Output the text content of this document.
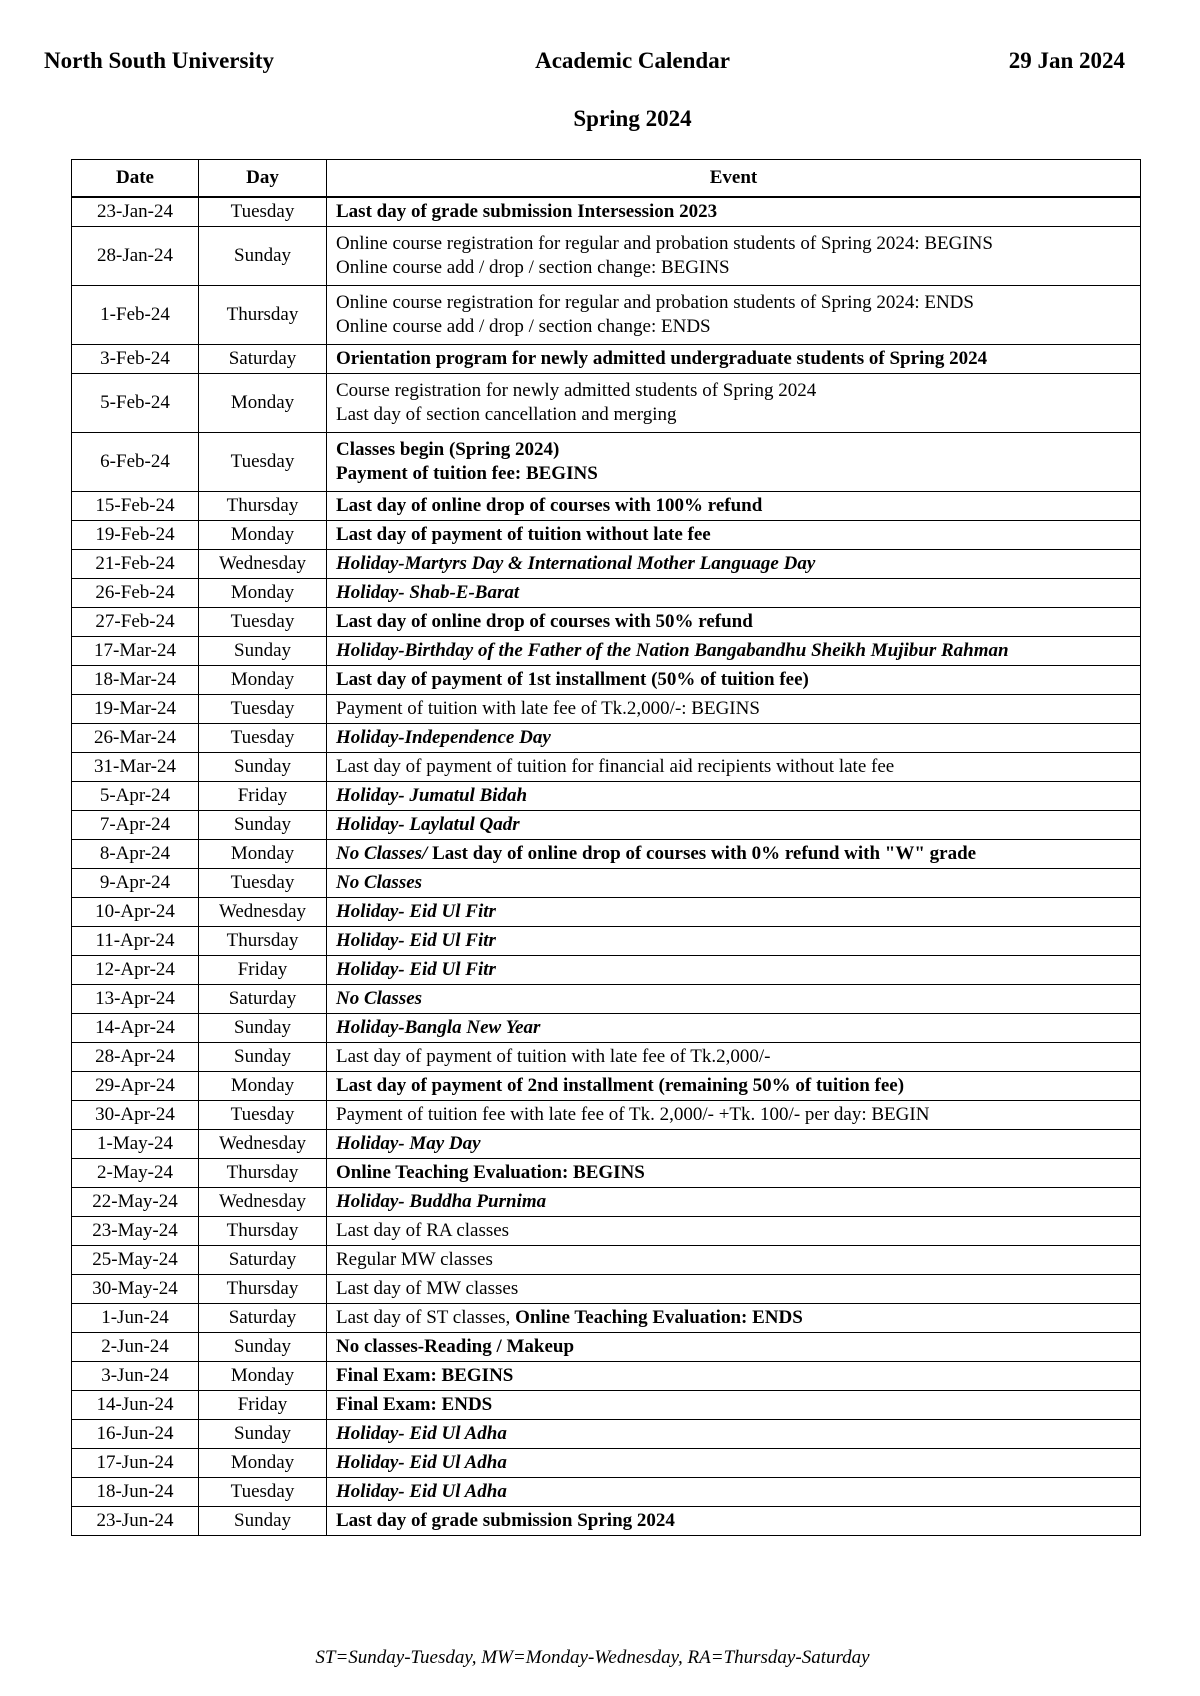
North South University	Academic Calendar	29 Jan 2024
Spring 2024
Date	Day	Event
23-Jan-24	Tuesday	Last day of grade submission Intersession 2023

28-Jan-24	Sunday	Online course registration for regular and probation students of Spring 2024: BEGINS
Online course add / drop / section change: BEGINS

1-Feb-24	Thursday	Online course registration for regular and probation students of Spring 2024: ENDS
Online course add / drop / section change: ENDS

3-Feb-24	Saturday	Orientation program for newly admitted undergraduate students of Spring 2024

5-Feb-24	Monday	Course registration for newly admitted students of Spring 2024
Last day of section cancellation and merging

6-Feb-24	Tuesday	Classes begin (Spring 2024)
Payment of tuition fee: BEGINS

15-Feb-24	Thursday	Last day of online drop of courses with 100% refund

19-Feb-24	Monday	Last day of payment of tuition without late fee

21-Feb-24	Wednesday	Holiday-Martyrs Day & International Mother Language Day

26-Feb-24	Monday	Holiday- Shab-E-Barat

27-Feb-24	Tuesday	Last day of online drop of courses with 50% refund

17-Mar-24	Sunday	Holiday-Birthday of the Father of the Nation Bangabandhu Sheikh Mujibur Rahman

18-Mar-24	Monday	Last day of payment of 1st installment (50% of tuition fee)

19-Mar-24	Tuesday	Payment of tuition with late fee of Tk.2,000/-: BEGINS

26-Mar-24	Tuesday	Holiday-Independence Day

31-Mar-24	Sunday	Last day of payment of tuition for financial aid recipients without late fee

5-Apr-24	Friday	Holiday- Jumatul Bidah

7-Apr-24	Sunday	Holiday- Laylatul Qadr

8-Apr-24	Monday	No Classes/ Last day of online drop of courses with 0% refund with "W" grade

9-Apr-24	Tuesday	No Classes

10-Apr-24	Wednesday	Holiday- Eid Ul Fitr

11-Apr-24	Thursday	Holiday- Eid Ul Fitr

12-Apr-24	Friday	Holiday- Eid Ul Fitr

13-Apr-24	Saturday	No Classes

14-Apr-24	Sunday	Holiday-Bangla New Year

28-Apr-24	Sunday	Last day of payment of tuition with late fee of Tk.2,000/-

29-Apr-24	Monday	Last day of payment of 2nd installment (remaining 50% of tuition fee)

30-Apr-24	Tuesday	Payment of tuition fee with late fee of Tk. 2,000/- +Tk. 100/- per day: BEGIN

1-May-24	Wednesday	Holiday- May Day

2-May-24	Thursday	Online Teaching Evaluation: BEGINS

22-May-24	Wednesday	Holiday- Buddha Purnima

23-May-24	Thursday	Last day of RA classes

25-May-24	Saturday	Regular MW classes

30-May-24	Thursday	Last day of MW classes

1-Jun-24	Saturday	Last day of ST classes, Online Teaching Evaluation: ENDS

2-Jun-24	Sunday	No classes-Reading / Makeup

3-Jun-24	Monday	Final Exam: BEGINS

14-Jun-24	Friday	Final Exam: ENDS

16-Jun-24	Sunday	Holiday- Eid Ul Adha

17-Jun-24	Monday	Holiday- Eid Ul Adha

18-Jun-24	Tuesday	Holiday- Eid Ul Adha

23-Jun-24	Sunday	Last day of grade submission Spring 2024
ST=Sunday-Tuesday, MW=Monday-Wednesday, RA=Thursday-Saturday
